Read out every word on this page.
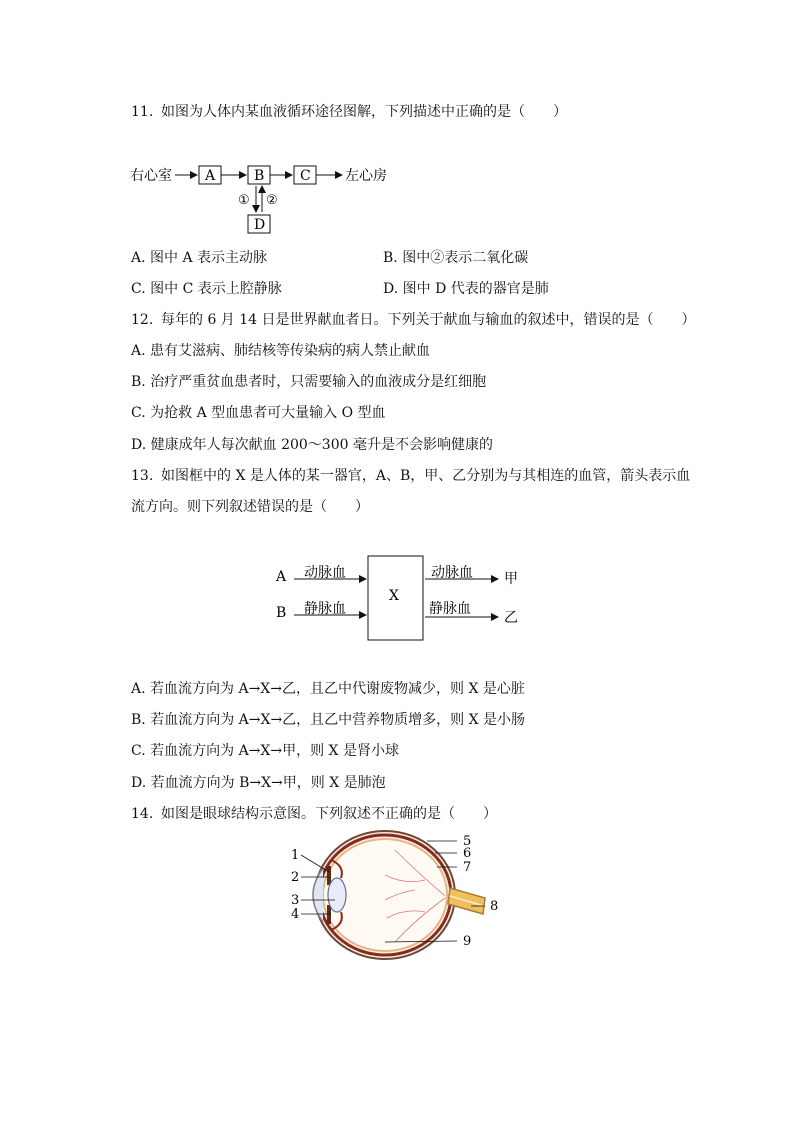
11. 如图为人体内某血液循环途径图解，下列描述中正确的是（　　）
右心室 A	B	C 左心房
① ②
D
A. 图中 A 表示主动脉	B. 图中②表示二氧化碳
C. 图中 C 表示上腔静脉	D. 图中 D 代表的器官是肺
12. 每年的 6 月 14 日是世界献血者日。下列关于献血与输血的叙述中，错误的是（　　）
A. 患有艾滋病、肺结核等传染病的病人禁止献血
B. 治疗严重贫血患者时，只需要输入的血液成分是红细胞
C. 为抢救 A 型血患者可大量输入 O 型血
D. 健康成年人每次献血 200～300 毫升是不会影响健康的
13. 如图框中的 X 是人体的某一器官，A、B，甲、乙分别为与其相连的血管，箭头表示血
流方向。则下列叙述错误的是（　　）
A
B
动脉血
静脉血
X
动脉血
静脉血
甲
乙
A. 若血流方向为 A→X→乙，且乙中代谢废物减少，则 X 是心脏
B. 若血流方向为 A→X→乙，且乙中营养物质增多，则 X 是小肠
C. 若血流方向为 A→X→甲，则 X 是肾小球
D. 若血流方向为 B→X→甲，则 X 是肺泡
14. 如图是眼球结构示意图。下列叙述不正确的是（　　）
1
2
3
4
5
6
7
8
9
